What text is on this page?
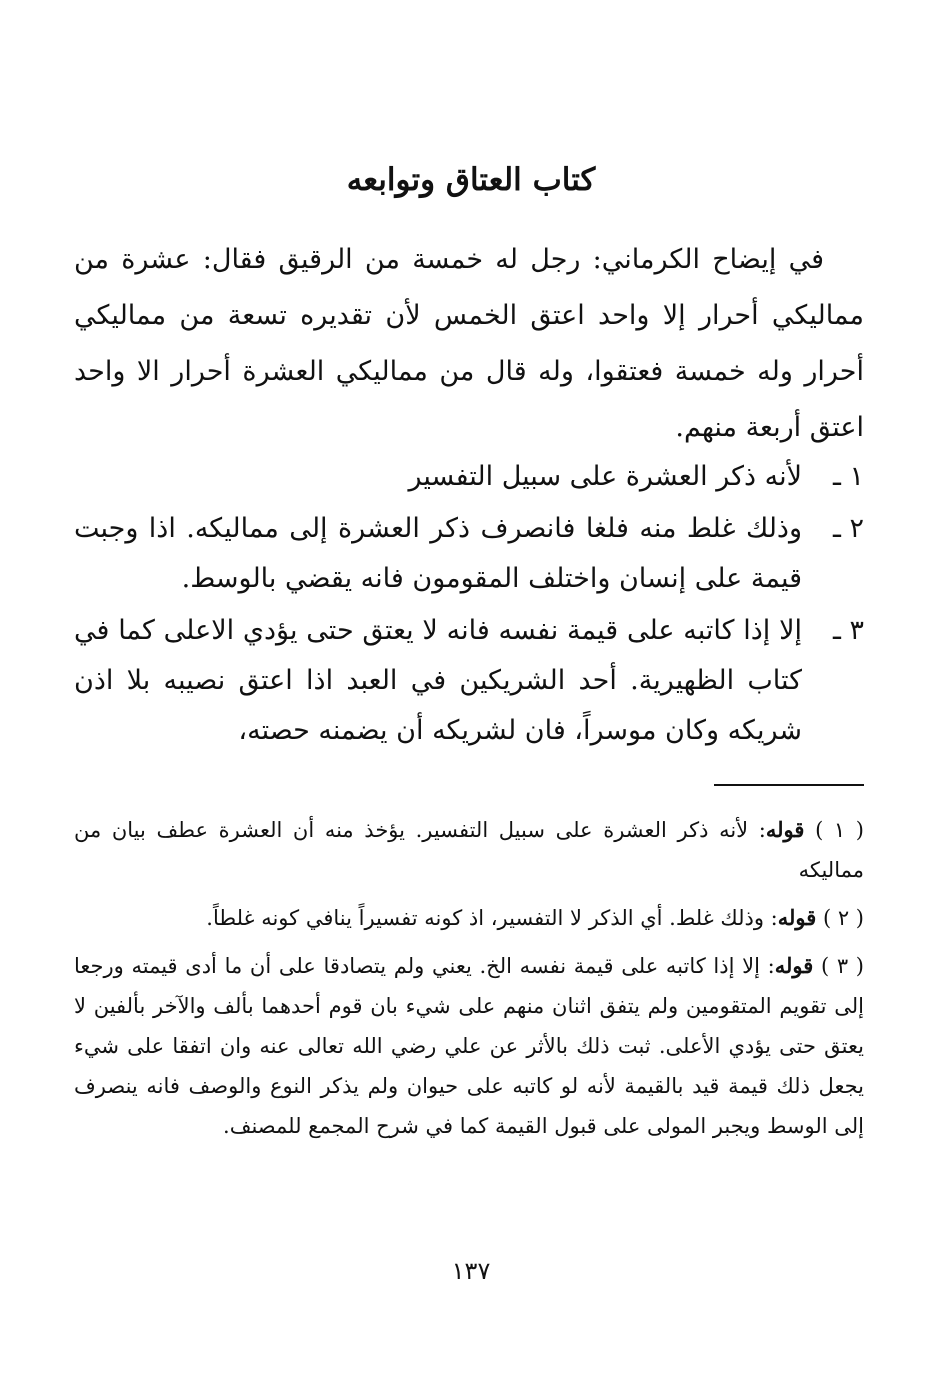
كتاب العتاق وتوابعه

في إيضاح الكرماني: رجل له خمسة من الرقيق فقال: عشرة من مماليكي أحرار إلا واحد اعتق الخمس لأن تقديره تسعة من مماليكي أحرار وله خمسة فعتقوا، وله قال من مماليكي العشرة أحرار الا واحد اعتق أربعة منهم.

١ ـ
لأنه ذكر العشرة على سبيل التفسير
٢ ـ
وذلك غلط منه فلغا فانصرف ذكر العشرة إلى مماليكه. اذا وجبت قيمة على إنسان واختلف المقومون فانه يقضي بالوسط.
٣ ـ
إلا إذا كاتبه على قيمة نفسه فانه لا يعتق حتى يؤدي الاعلى كما في كتاب الظهيرية. أحد الشريكين في العبد اذا اعتق نصيبه بلا اذن شريكه وكان موسراً، فان لشريكه أن يضمنه حصته،

( ١ ) قوله: لأنه ذكر العشرة على سبيل التفسير. يؤخذ منه أن العشرة عطف بيان من مماليكه

( ٢ ) قوله: وذلك غلط. أي الذكر لا التفسير، اذ كونه تفسيراً ينافي كونه غلطاً.

( ٣ ) قوله: إلا إذا كاتبه على قيمة نفسه الخ. يعني ولم يتصادقا على أن ما أدى قيمته ورجعا إلى تقويم المتقومين ولم يتفق اثنان منهم على شيء بان قوم أحدهما بألف والآخر بألفين لا يعتق حتى يؤدي الأعلى. ثبت ذلك بالأثر عن علي رضي الله تعالى عنه وان اتفقا على شيء يجعل ذلك قيمة قيد بالقيمة لأنه لو كاتبه على حيوان ولم يذكر النوع والوصف فانه ينصرف إلى الوسط ويجبر المولى على قبول القيمة كما في شرح المجمع للمصنف.

١٣٧
